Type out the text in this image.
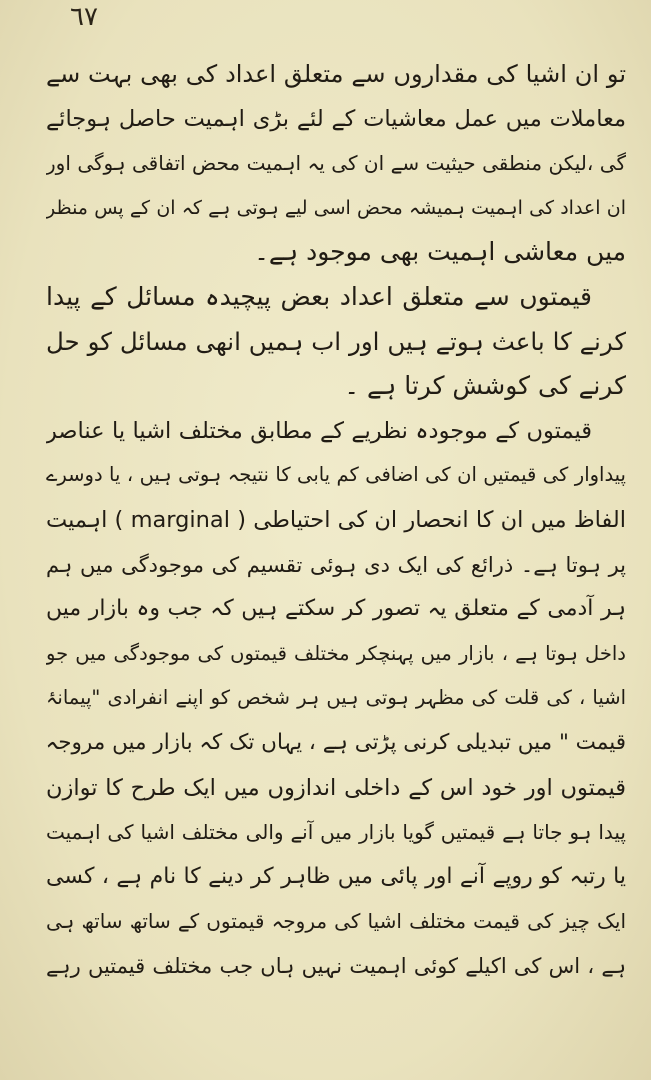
٦٧
تو ان اشیا کی مقداروں سے متعلق اعداد کی بھی بہت سے
معاملات میں عمل معاشیات کے لئے بڑی اہمیت حاصل ہوجائے
گی ،لیکن منطقی حیثیت سے ان کی یہ اہمیت محض اتفاقی ہوگی اور
ان اعداد کی اہمیت ہمیشہ محض اسی لیے ہوتی ہے کہ ان کے پس منظر
میں معاشی اہمیت بھی موجود ہے۔
قیمتوں سے متعلق اعداد بعض پیچیدہ مسائل کے پیدا
کرنے کا باعث ہوتے ہیں اور اب ہمیں انھی مسائل کو حل
کرنے کی کوشش کرتا ہے ۔
قیمتوں کے موجودہ نظریے کے مطابق مختلف اشیا یا عناصر
پیداوار کی قیمتیں ان کی اضافی کم یابی کا نتیجہ ہوتی ہیں ، یا دوسرے
الفاظ میں ان کا انحصار ان کی احتیاطی ( marginal ) اہمیت
پر ہوتا ہے۔ ذرائع کی ایک دی ہوئی تقسیم کی موجودگی میں ہم
ہر آدمی کے متعلق یہ تصور کر سکتے ہیں کہ جب وہ بازار میں
داخل ہوتا ہے ، بازار میں پہنچکر مختلف قیمتوں کی موجودگی میں جو
اشیا ، کی قلت کی مظہر ہوتی ہیں ہر شخص کو اپنے انفرادی "پیمانۂ
قیمت " میں تبدیلی کرنی پڑتی ہے ، یہاں تک کہ بازار میں مروجہ
قیمتوں اور خود اس کے داخلی اندازوں میں ایک طرح کا توازن
پیدا ہو جاتا ہے قیمتیں گویا بازار میں آنے والی مختلف اشیا کی اہمیت
یا رتبہ کو روپے آنے اور پائی میں ظاہر کر دینے کا نام ہے ، کسی
ایک چیز کی قیمت مختلف اشیا کی مروجہ قیمتوں کے ساتھ ساتھ ہی
ہے ، اس کی اکیلے کوئی اہمیت نہیں ہاں جب مختلف قیمتیں رہے
